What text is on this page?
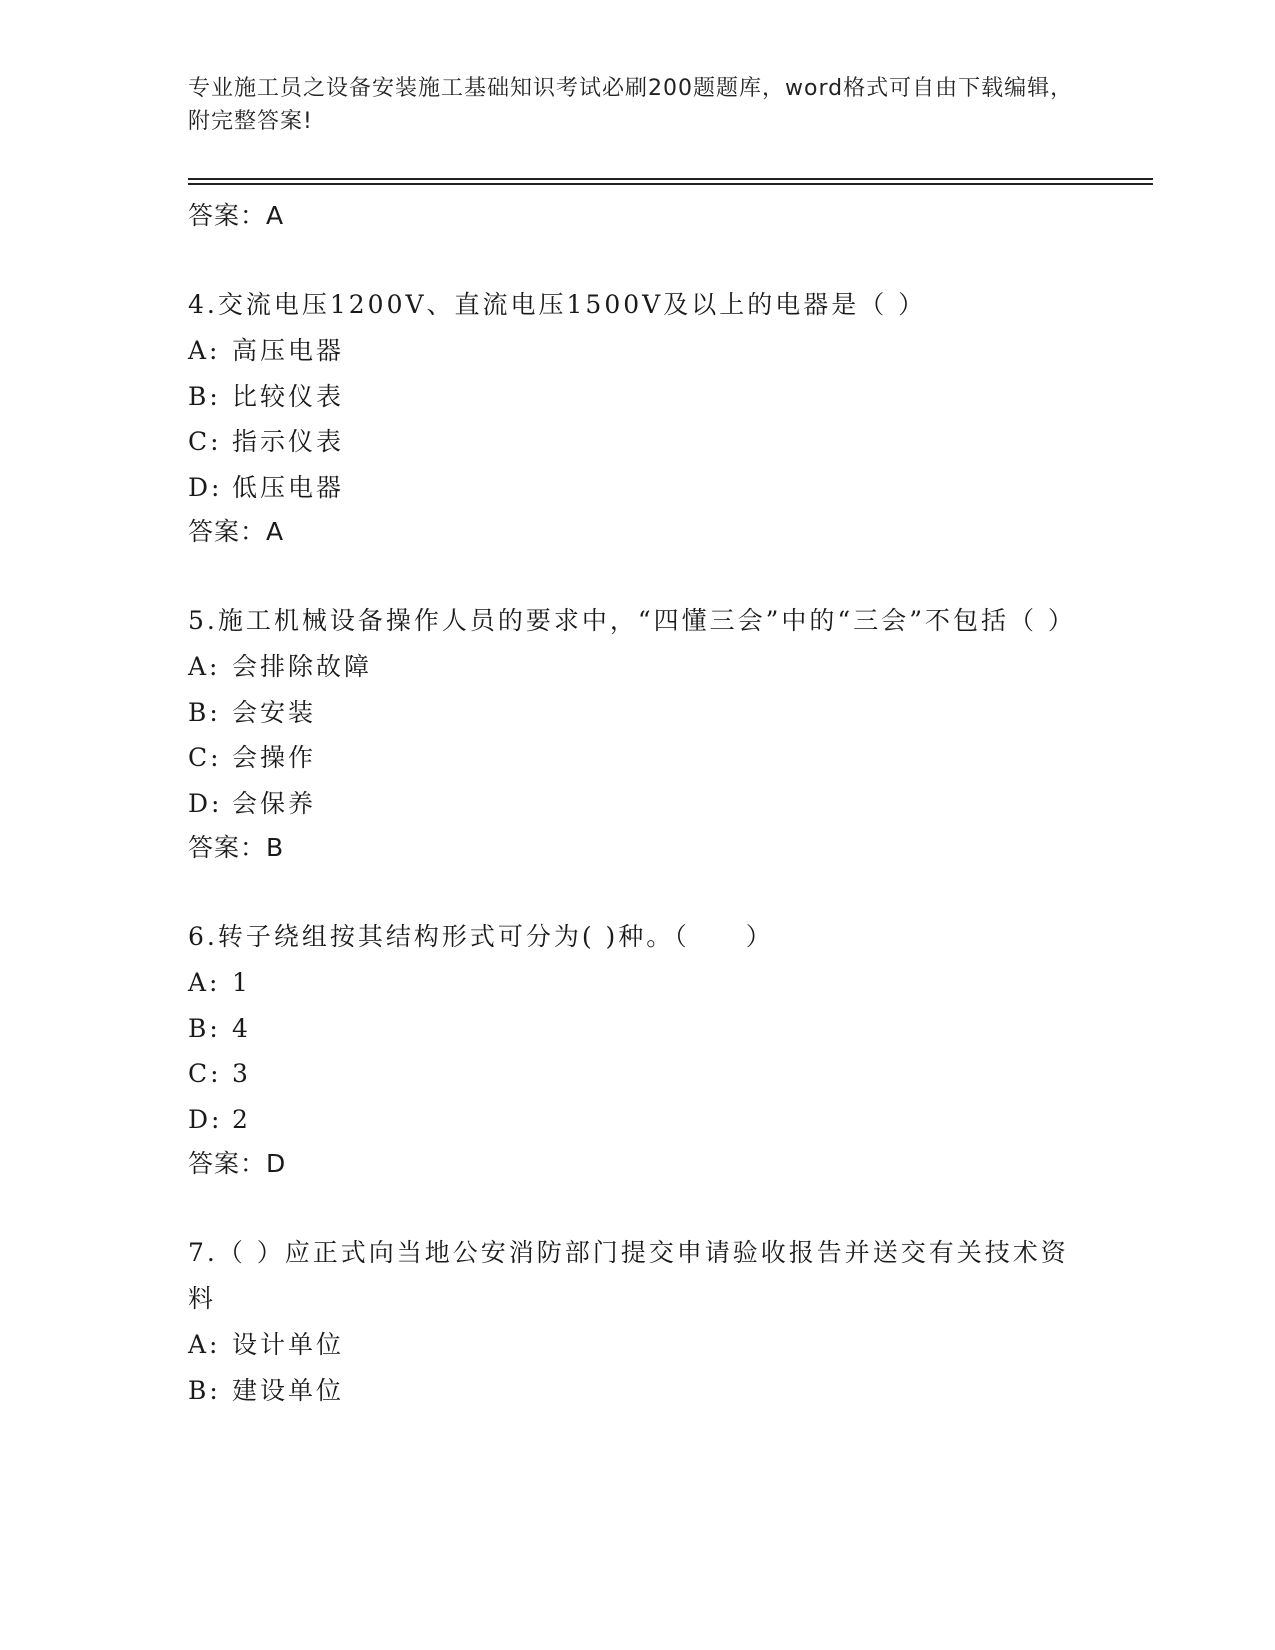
专业施工员之设备安装施工基础知识考试必刷200题题库，word格式可自由下载编辑，附完整答案!
答案：A

4.交流电压1200V、直流电压1500V及以上的电器是（ ）

A: 高压电器
B: 比较仪表
C: 指示仪表
D: 低压电器
答案：A

5.施工机械设备操作人员的要求中，“四懂三会”中的“三会”不包括（ ）

A: 会排除故障
B: 会安装
C: 会操作
D: 会保养
答案：B

6.转子绕组按其结构形式可分为( )种。（　　）

A: 1
B: 4
C: 3
D: 2
答案：D

7.（ ）应正式向当地公安消防部门提交申请验收报告并送交有关技术资料

A: 设计单位
B: 建设单位
